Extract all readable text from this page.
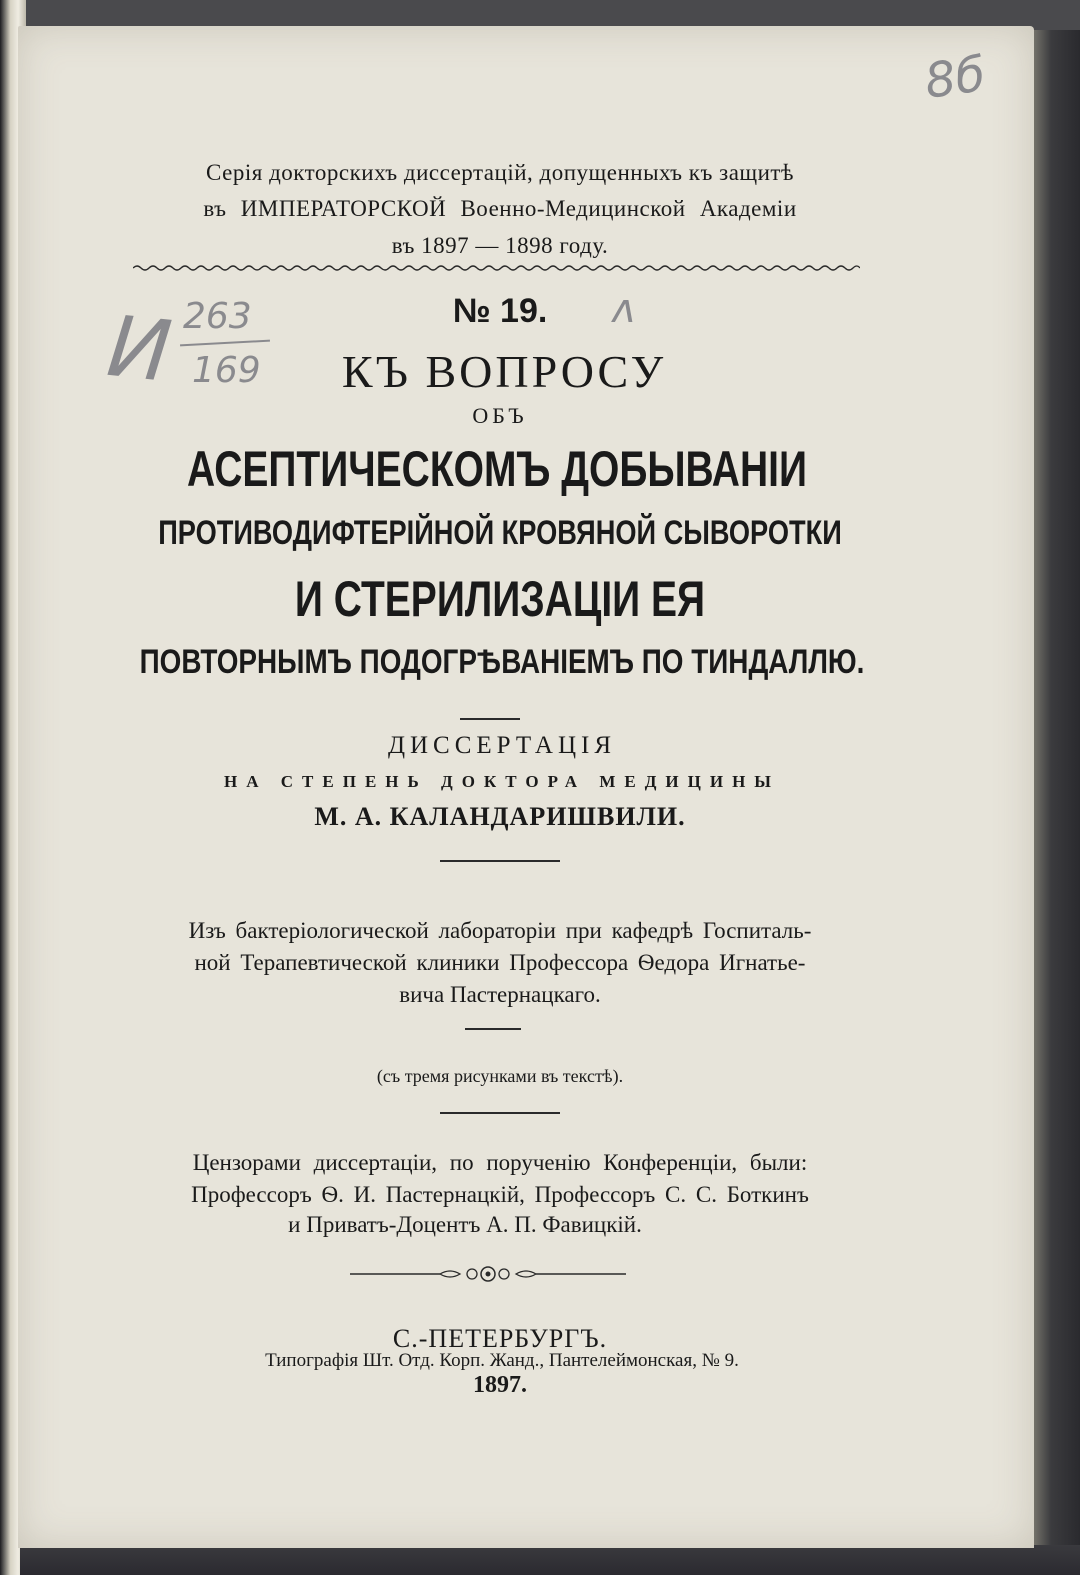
8б
И 263
169
ʌ
Серія докторскихъ диссертацій, допущенныхъ къ защитѣ
въ ИМПЕРАТОРСКОЙ Военно-Медицинской Академіи
въ 1897 — 1898 году.
№ 19.
КЪ ВОПРОСУ
ОБЪ
АСЕПТИЧЕСКОМЪ ДОБЫВАНІИ
ПРОТИВОДИФТЕРІЙНОЙ КРОВЯНОЙ СЫВОРОТКИ
И СТЕРИЛИЗАЦІИ ЕЯ
ПОВТОРНЫМЪ ПОДОГРѢВАНІЕМЪ ПО ТИНДАЛЛЮ.
ДИССЕРТАЦІЯ
НА СТЕПЕНЬ ДОКТОРА МЕДИЦИНЫ
М. А. КАЛАНДАРИШВИЛИ.
Изъ бактеріологической лабораторіи при кафедрѣ Госпиталь-
ной Терапевтической клиники Профессора Ѳедора Игнатье-
вича Пастернацкаго.
(съ тремя рисунками въ текстѣ).
Цензорами диссертаціи, по порученію Конференціи, были:
Профессоръ Ѳ. И. Пастернацкій, Профессоръ С. С. Боткинъ
и Приватъ-Доцентъ А. П. Фавицкій.
С.-ПЕТЕРБУРГЪ.
Типографія Шт. Отд. Корп. Жанд., Пантелеймонская, № 9.
1897.
